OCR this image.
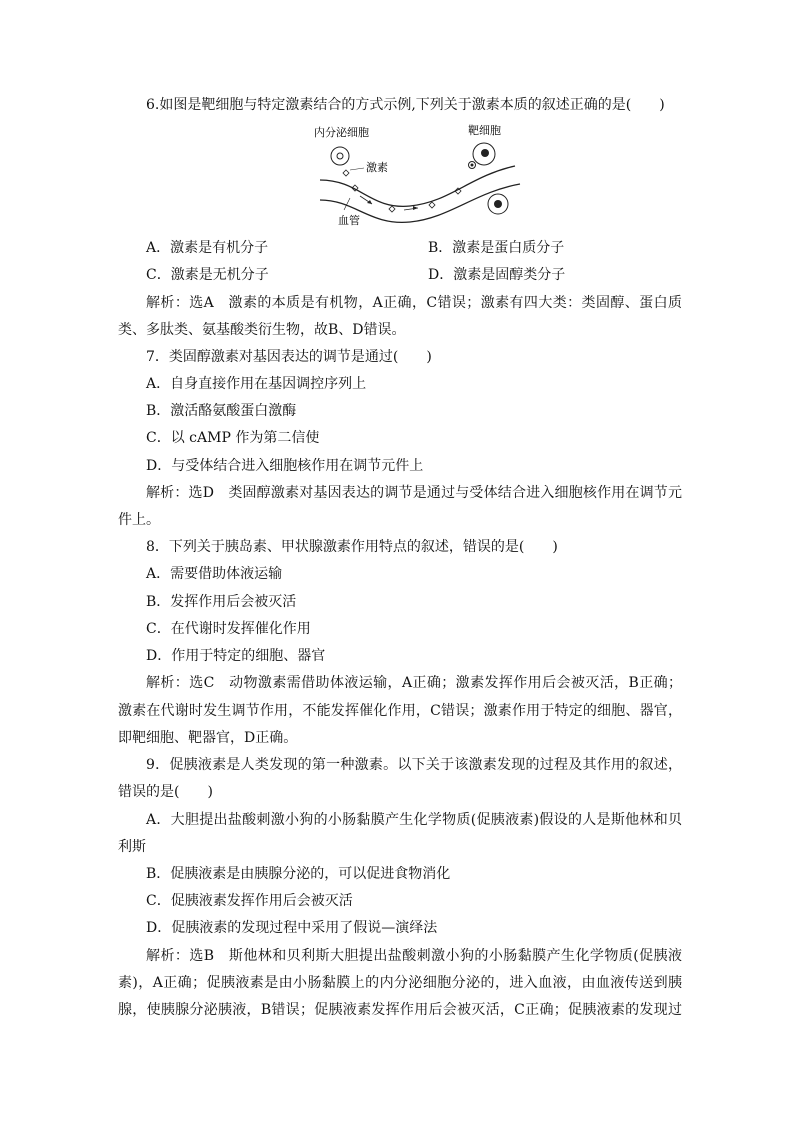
6.如图是靶细胞与特定激素结合的方式示例,下列关于激素本质的叙述正确的是(　　)
内分泌细胞
激素
靶细胞
血管
A．激素是有机分子	B．激素是蛋白质分子
C．激素是无机分子	D．激素是固醇类分子
解析：选A　激素的本质是有机物，A正确，C错误；激素有四大类：类固醇、蛋白质
类、多肽类、氨基酸类衍生物，故B、D错误。
7．类固醇激素对基因表达的调节是通过(　　)
A．自身直接作用在基因调控序列上
B．激活酪氨酸蛋白激酶
C．以 cAMP 作为第二信使
D．与受体结合进入细胞核作用在调节元件上
解析：选D　类固醇激素对基因表达的调节是通过与受体结合进入细胞核作用在调节元
件上。
8．下列关于胰岛素、甲状腺激素作用特点的叙述，错误的是(　　)
A．需要借助体液运输
B．发挥作用后会被灭活
C．在代谢时发挥催化作用
D．作用于特定的细胞、器官
解析：选C　动物激素需借助体液运输，A正确；激素发挥作用后会被灭活，B正确；
激素在代谢时发生调节作用，不能发挥催化作用，C错误；激素作用于特定的细胞、器官，
即靶细胞、靶器官，D正确。
9．促胰液素是人类发现的第一种激素。以下关于该激素发现的过程及其作用的叙述，
错误的是(　　)
A．大胆提出盐酸刺激小狗的小肠黏膜产生化学物质(促胰液素)假设的人是斯他林和贝
利斯
B．促胰液素是由胰腺分泌的，可以促进食物消化
C．促胰液素发挥作用后会被灭活
D．促胰液素的发现过程中采用了假说—演绎法
解析：选B　斯他林和贝利斯大胆提出盐酸刺激小狗的小肠黏膜产生化学物质(促胰液
素)，A正确；促胰液素是由小肠黏膜上的内分泌细胞分泌的，进入血液，由血液传送到胰
腺，使胰腺分泌胰液，B错误；促胰液素发挥作用后会被灭活，C正确；促胰液素的发现过
